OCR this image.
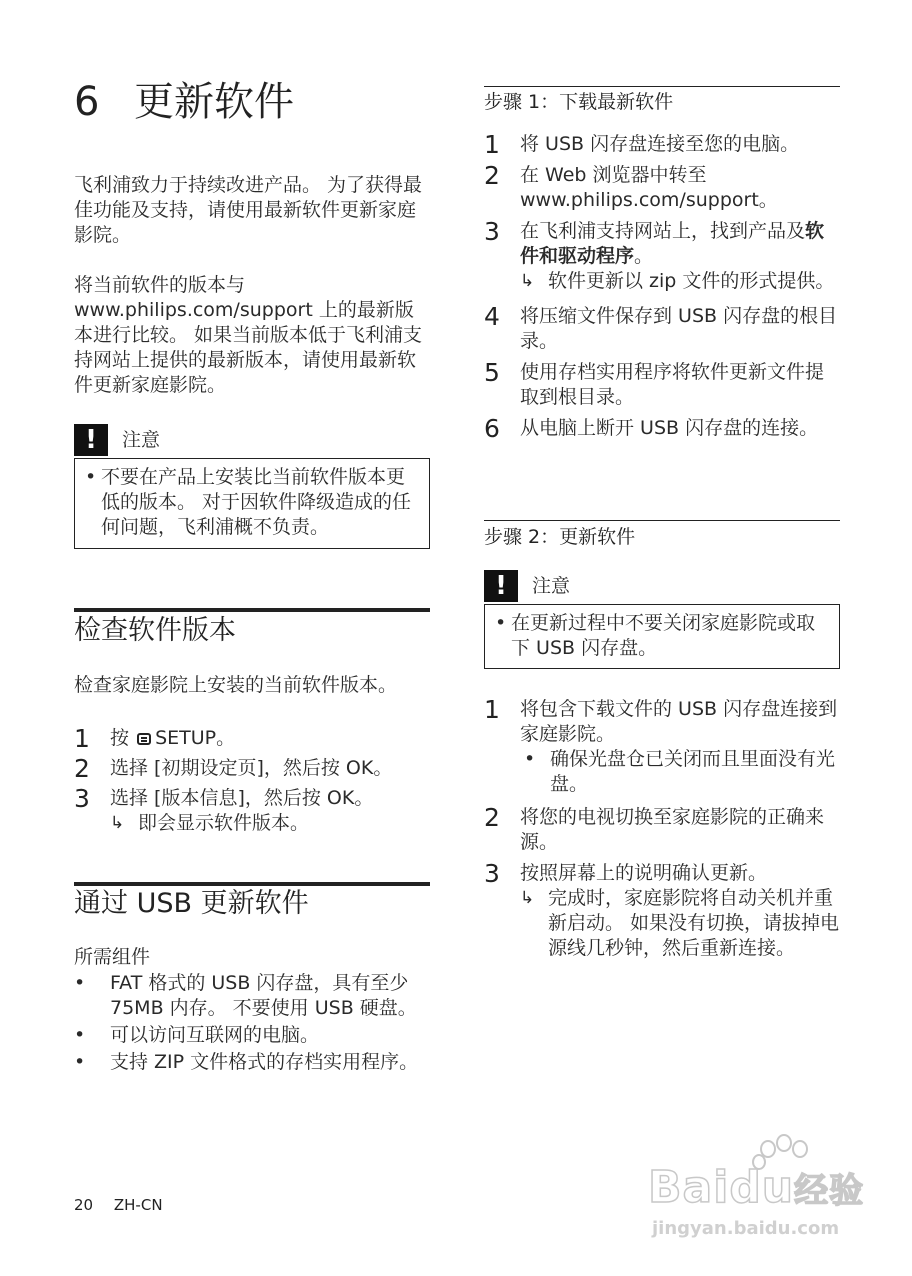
6 更新软件

飞利浦致力于持续改进产品。 为了获得最佳功能及支持，请使用最新软件更新家庭影院。

将当前软件的版本与 www.philips.com/support 上的最新版本进行比较。 如果当前版本低于飞利浦支持网站上提供的最新版本，请使用最新软件更新家庭影院。

!	注意
• 不要在产品上安装比当前软件版本更低的版本。 对于因软件降级造成的任何问题，飞利浦概不负责。
检查软件版本

检查家庭影院上安装的当前软件版本。

1	按 SETUP。
2	选择 [初期设定页]，然后按 OK。
3	选择 [版本信息]，然后按 OK。
↳ 即会显示软件版本。
通过 USB 更新软件

所需组件

•	FAT 格式的 USB 闪存盘，具有至少 75MB 内存。 不要使用 USB 硬盘。
•	可以访问互联网的电脑。
•	支持 ZIP 文件格式的存档实用程序。
20 ZH-CN
步骤 1：下载最新软件
1	将 USB 闪存盘连接至您的电脑。
2	在 Web 浏览器中转至 www.philips.com/support。
3	在飞利浦支持网站上，找到产品及软件和驱动程序。
↳ 软件更新以 zip 文件的形式提供。
4	将压缩文件保存到 USB 闪存盘的根目录。
5	使用存档实用程序将软件更新文件提取到根目录。
6	从电脑上断开 USB 闪存盘的连接。
步骤 2：更新软件
!	注意
• 在更新过程中不要关闭家庭影院或取下 USB 闪存盘。
1	将包含下载文件的 USB 闪存盘连接到家庭影院。
• 确保光盘仓已关闭而且里面没有光盘。
2	将您的电视切换至家庭影院的正确来源。
3	按照屏幕上的说明确认更新。
↳ 完成时，家庭影院将自动关机并重新启动。 如果没有切换，请拔掉电源线几秒钟，然后重新连接。
Baidu经验
jingyan.baidu.com
